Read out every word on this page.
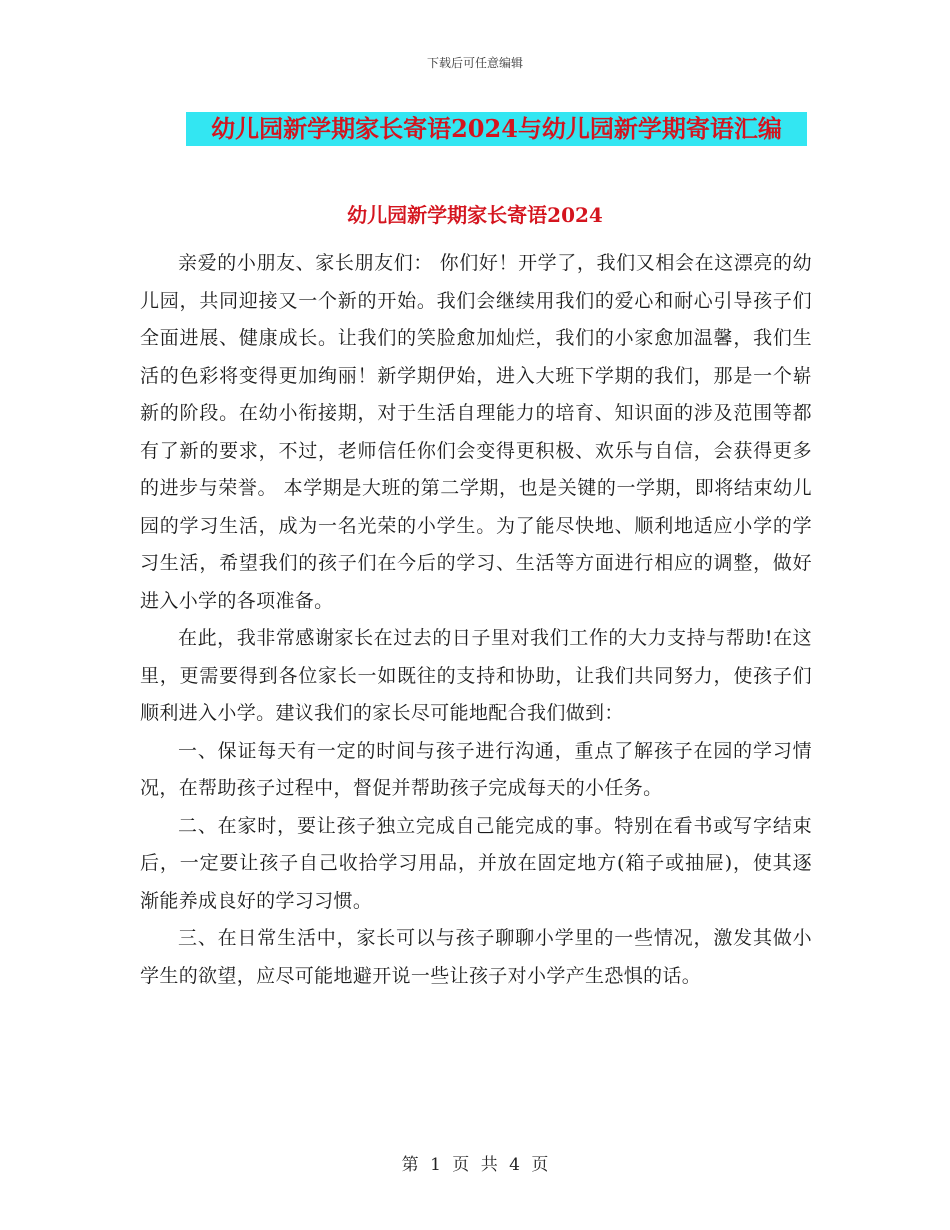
下载后可任意编辑
幼儿园新学期家长寄语2024与幼儿园新学期寄语汇编
幼儿园新学期家长寄语2024

亲爱的小朋友、家长朋友们： 你们好！开学了，我们又相会在这漂亮的幼儿园，共同迎接又一个新的开始。我们会继续用我们的爱心和耐心引导孩子们全面进展、健康成长。让我们的笑脸愈加灿烂，我们的小家愈加温馨，我们生活的色彩将变得更加绚丽！新学期伊始，进入大班下学期的我们，那是一个崭新的阶段。在幼小衔接期，对于生活自理能力的培育、知识面的涉及范围等都有了新的要求，不过，老师信任你们会变得更积极、欢乐与自信，会获得更多的进步与荣誉。 本学期是大班的第二学期，也是关键的一学期，即将结束幼儿园的学习生活，成为一名光荣的小学生。为了能尽快地、顺利地适应小学的学习生活，希望我们的孩子们在今后的学习、生活等方面进行相应的调整，做好进入小学的各项准备。

在此，我非常感谢家长在过去的日子里对我们工作的大力支持与帮助!在这里，更需要得到各位家长一如既往的支持和协助，让我们共同努力，使孩子们顺利进入小学。建议我们的家长尽可能地配合我们做到：

一、保证每天有一定的时间与孩子进行沟通，重点了解孩子在园的学习情况，在帮助孩子过程中，督促并帮助孩子完成每天的小任务。

二、在家时，要让孩子独立完成自己能完成的事。特别在看书或写字结束后，一定要让孩子自己收拾学习用品，并放在固定地方(箱子或抽屉)，使其逐渐能养成良好的学习习惯。

三、在日常生活中，家长可以与孩子聊聊小学里的一些情况，激发其做小学生的欲望，应尽可能地避开说一些让孩子对小学产生恐惧的话。

第 1 页 共 4 页
